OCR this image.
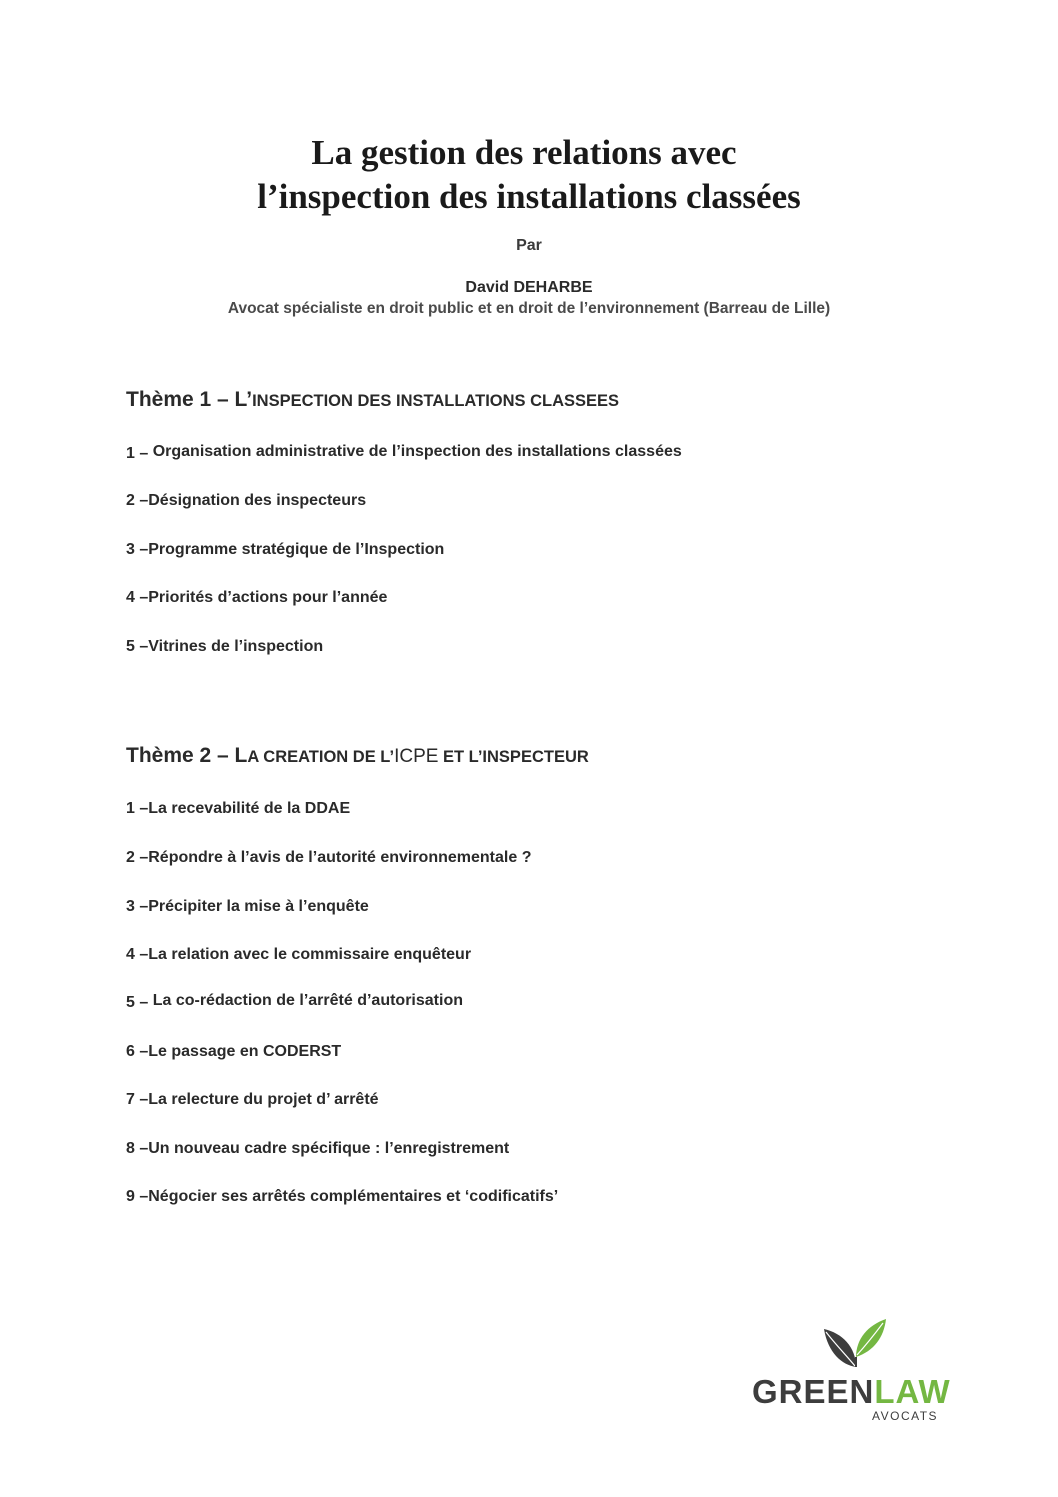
La gestion des relations avec
l’inspection des installations classées
Par
David DEHARBE
Avocat spécialiste en droit public et en droit de l’environnement (Barreau de Lille)
Thème 1 – L’INSPECTION DES INSTALLATIONS CLASSEES
1 – Organisation administrative de l’inspection des installations classées
2 –Désignation des inspecteurs
3 –Programme stratégique de l’Inspection
4 –Priorités d’actions pour l’année
5 –Vitrines de l’inspection
Thème 2 – LA CREATION DE L’ICPE ET L’INSPECTEUR
1 –La recevabilité de la DDAE
2 –Répondre à l’avis de l’autorité environnementale ?
3 –Précipiter la mise à l’enquête
4 –La relation avec le commissaire enquêteur
5 – La co-rédaction de l’arrêté d’autorisation
6 –Le passage en CODERST
7 –La relecture du projet d’ arrêté
8 –Un nouveau cadre spécifique : l’enregistrement
9 –Négocier ses arrêtés complémentaires et ‘codificatifs’
GREENLAW
AVOCATS
